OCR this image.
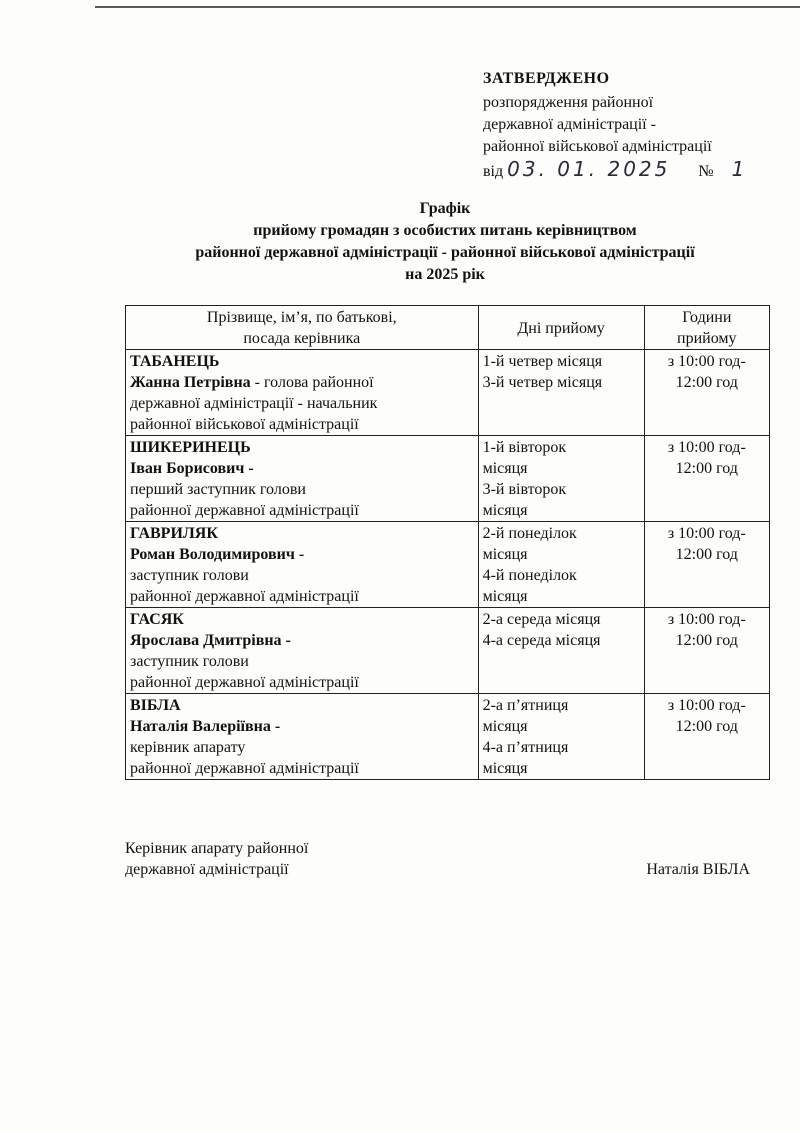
ЗАТВЕРДЖЕНО
розпорядження районної
державної адміністрації -
районної військової адміністрації
від 03. 01. 2025 № 1
Графік
прийому громадян з особистих питань керівництвом
районної державної адміністрації - районної військової адміністрації
на 2025 рік
Прізвище, ім’я, по батькові,
посада керівника	Дні прийому	Години
прийому

ТАБАНЕЦЬ
Жанна Петрівна - голова районної
державної адміністрації - начальник
районної військової адміністрації	1-й четвер місяця
3-й четвер місяця	з 10:00 год-
12:00 год

ШИКЕРИНЕЦЬ
Іван Борисович -
перший заступник голови
районної державної адміністрації	1-й вівторок
місяця
3-й вівторок
місяця	з 10:00 год-
12:00 год

ГАВРИЛЯК
Роман Володимирович -
заступник голови
районної державної адміністрації	2-й понеділок
місяця
4-й понеділок
місяця	з 10:00 год-
12:00 год

ГАСЯК
Ярослава Дмитрівна -
заступник голови
районної державної адміністрації	2-а середа місяця
4-а середа місяця	з 10:00 год-
12:00 год

ВІБЛА
Наталія Валеріївна -
керівник апарату
районної державної адміністрації	2-а п’ятниця
місяця
4-а п’ятниця
місяця	з 10:00 год-
12:00 год
Керівник апарату районної
державної адміністрації	Наталія ВІБЛА
